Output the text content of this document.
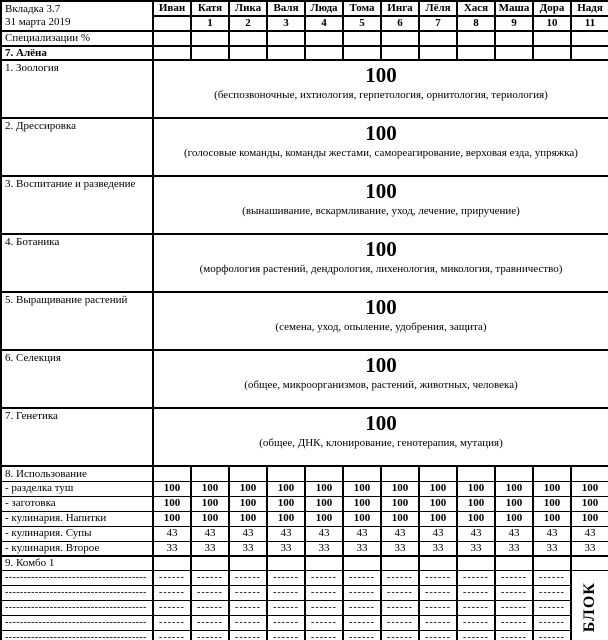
Вкладка 3.7
31 марта 2019	Иван	Катя	Лика	Валя	Люда	Тома	Инга	Лёля	Хася	Маша	Дора	Надя
		1	2	3	4	5	6	7	8	9	10	11
Специализации %												
7. Алёна												
1. Зоология	100
(беспозвоночные, ихтиология, герпетология, орнитология, териология)											

2. Дрессировка	100
(голосовые команды, команды жестами, самореагирование, верховая езда, упряжка)											

3. Воспитание и разведение	100
(вынашивание, вскармливание, уход, лечение, приручение)											

4. Ботаника	100
(морфология растений, дендрология, лихенология, микология, травничество)											

5. Выращивание растений	100
(семена, уход, опыление, удобрения, защита)											

6. Селекция	100
(общее, микроорганизмов, растений, животных, человека)											

7. Генетика	100
(общее, ДНК, клонирование, генотерапия, мутация)											

8. Использование												
- разделка туш	100	100	100	100	100	100	100	100	100	100	100	100
- заготовка	100	100	100	100	100	100	100	100	100	100	100	100
- кулинария. Напитки	100	100	100	100	100	100	100	100	100	100	100	100
- кулинария. Супы	43	43	43	43	43	43	43	43	43	43	43	43
- кулинария. Второе	33	33	33	33	33	33	33	33	33	33	33	33
9. Комбо 1												
--------------------------------------	------	------	------	------	------	------	------	------	------	------	------	БЛОК

--------------------------------------	------	------	------	------	------	------	------	------	------	------	------	
--------------------------------------	------	------	------	------	------	------	------	------	------	------	------	
--------------------------------------	------	------	------	------	------	------	------	------	------	------	------	
--------------------------------------	------	------	------	------	------	------	------	------	------	------	------	
